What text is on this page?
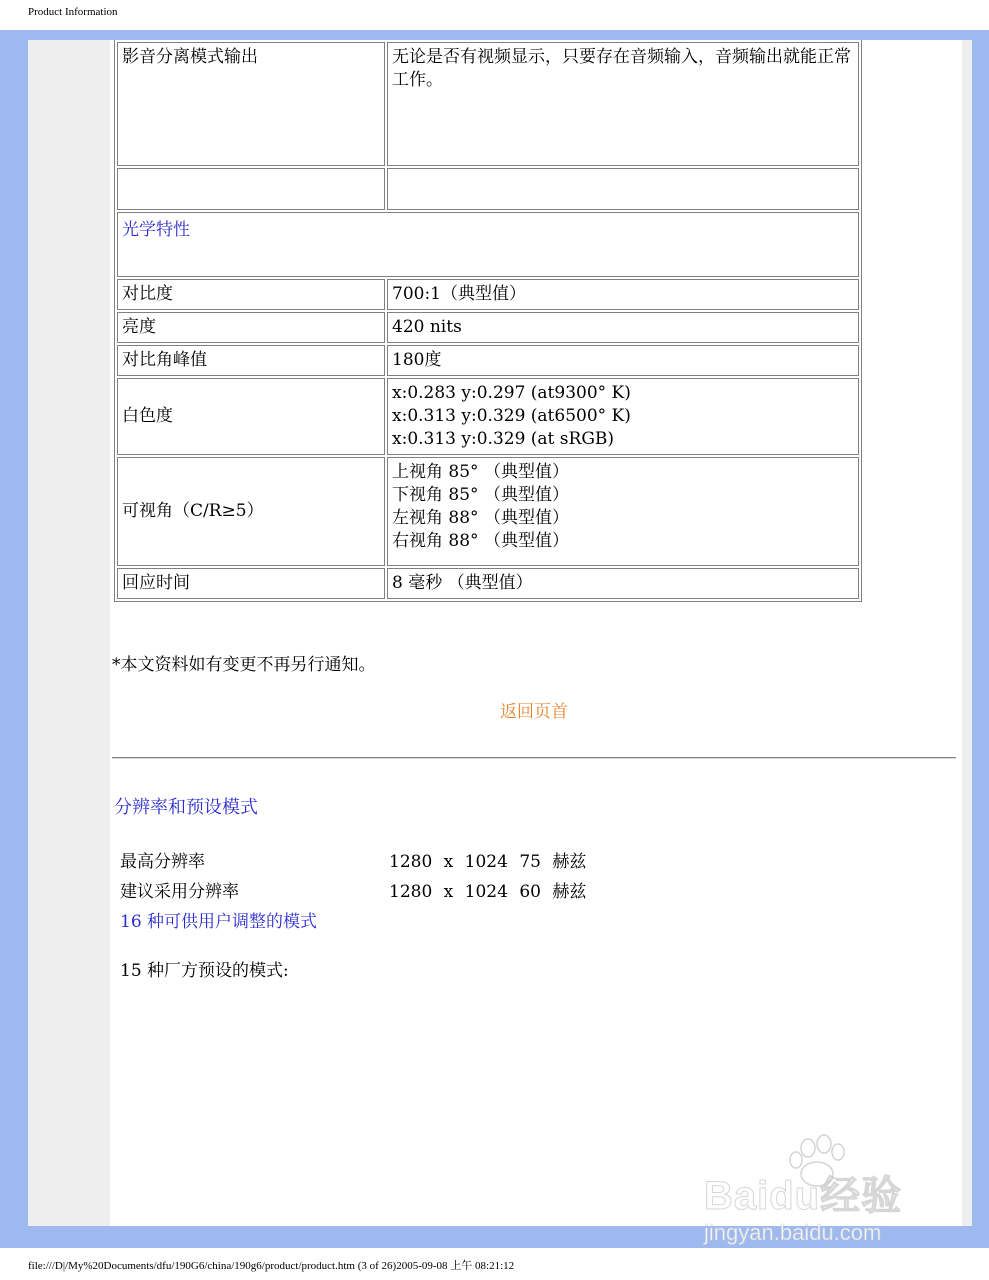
Product Information
影音分离模式输出	无论是否有视频显示，只要存在音频输入，音频输出就能正常工作。

光学特性	
对比度	700:1（典型值）

亮度	420 nits

对比角峰值	180度

白色度	x:0.283 y:0.297 (at9300° K)
x:0.313 y:0.329 (at6500° K)
x:0.313 y:0.329 (at sRGB)

可视角（C/R≥5）	上视角 85° （典型值）
下视角 85° （典型值）
左视角 88° （典型值）
右视角 88° （典型值）

回应时间	8 毫秒 （典型值）
*本文资料如有变更不再另行通知。
返回页首
分辨率和预设模式
最高分辨率	1280 x 1024 75 赫兹
建议采用分辨率	1280 x 1024 60 赫兹
16 种可供用户调整的模式
15 种厂方预设的模式:
Baidu经验
jingyan.baidu.com
file:///D|/My%20Documents/dfu/190G6/china/190g6/product/product.htm (3 of 26)2005-09-08 上午 08:21:12
